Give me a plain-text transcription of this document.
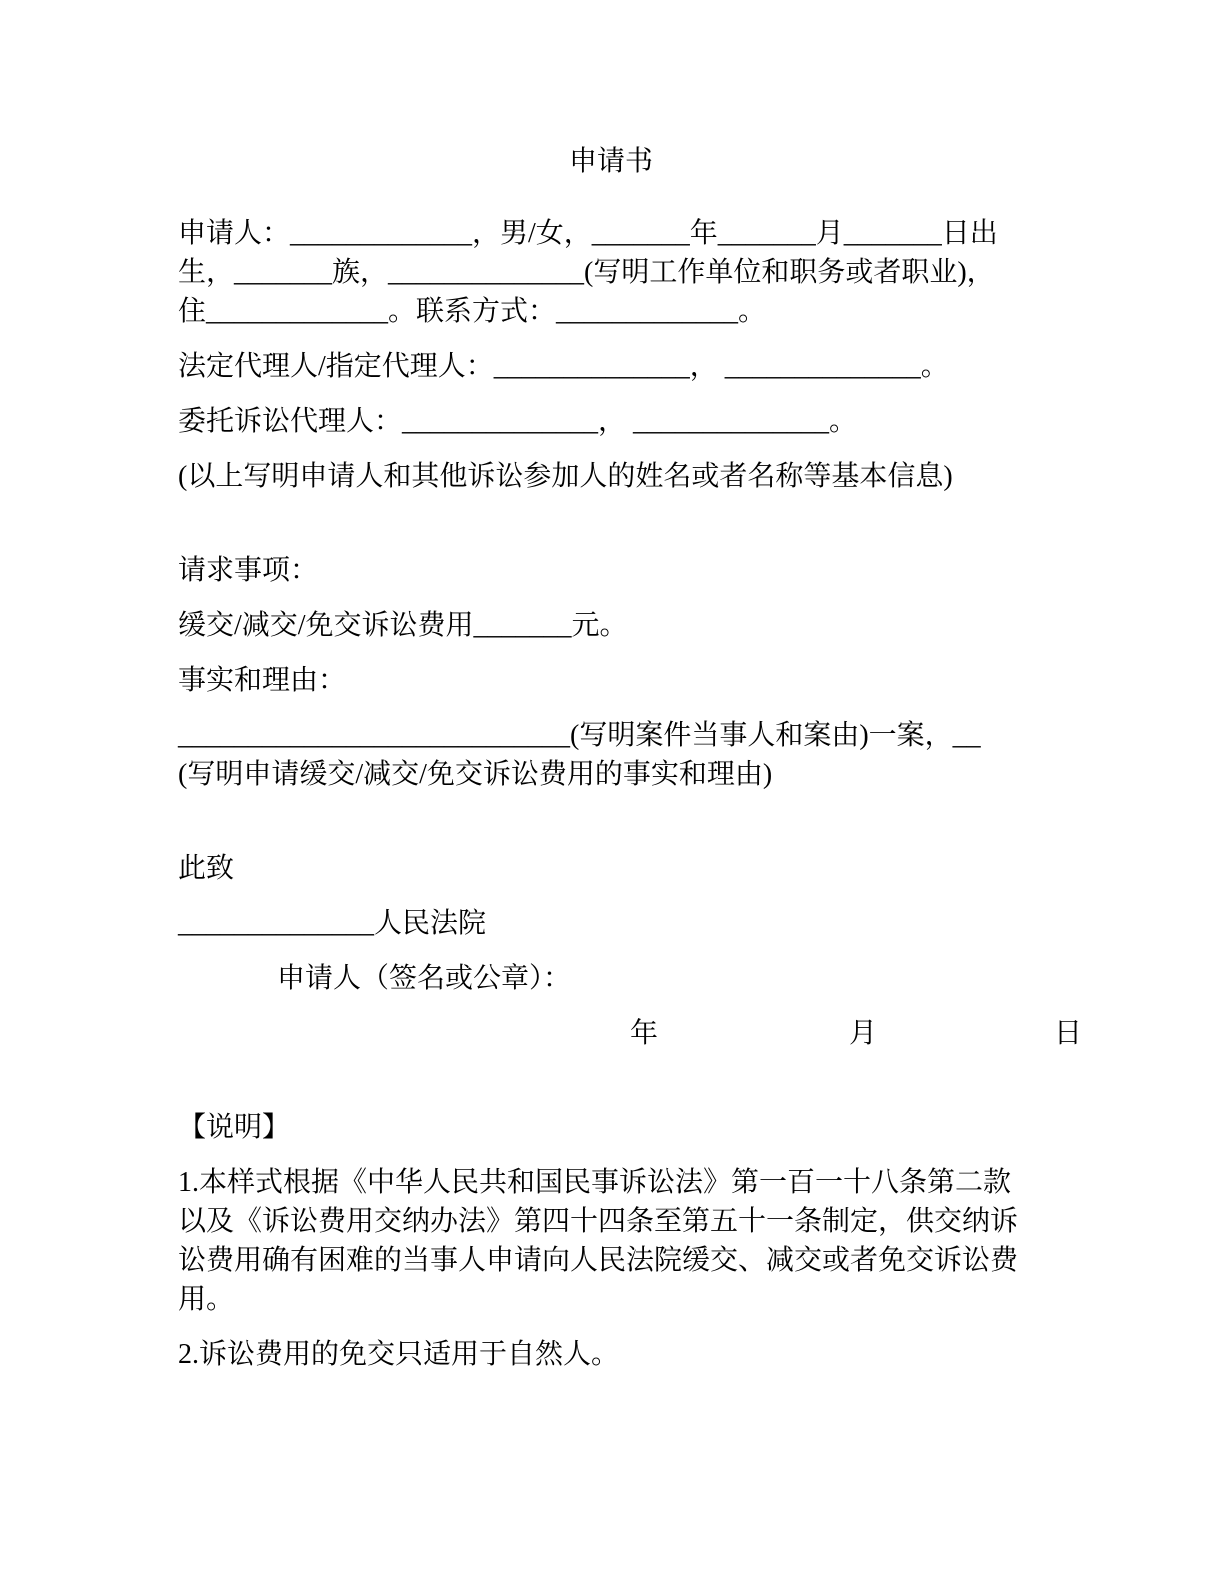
申请书

申请人：_____________，男/女，_______年_______月_______日出
生，_______族，______________(写明工作单位和职务或者职业)，
住_____________。联系方式：_____________。

法定代理人/指定代理人：______________， ______________。

委托诉讼代理人：______________， ______________。

(以上写明申请人和其他诉讼参加人的姓名或者名称等基本信息)

请求事项：

缓交/减交/免交诉讼费用_______元。

事实和理由：

____________________________(写明案件当事人和案由)一案，__
(写明申请缓交/减交/免交诉讼费用的事实和理由)

此致

______________人民法院

申请人（签名或公章）：

年	月	日

【说明】

1.本样式根据《中华人民共和国民事诉讼法》第一百一十八条第二款
以及《诉讼费用交纳办法》第四十四条至第五十一条制定，供交纳诉
讼费用确有困难的当事人申请向人民法院缓交、减交或者免交诉讼费
用。

2.诉讼费用的免交只适用于自然人。
